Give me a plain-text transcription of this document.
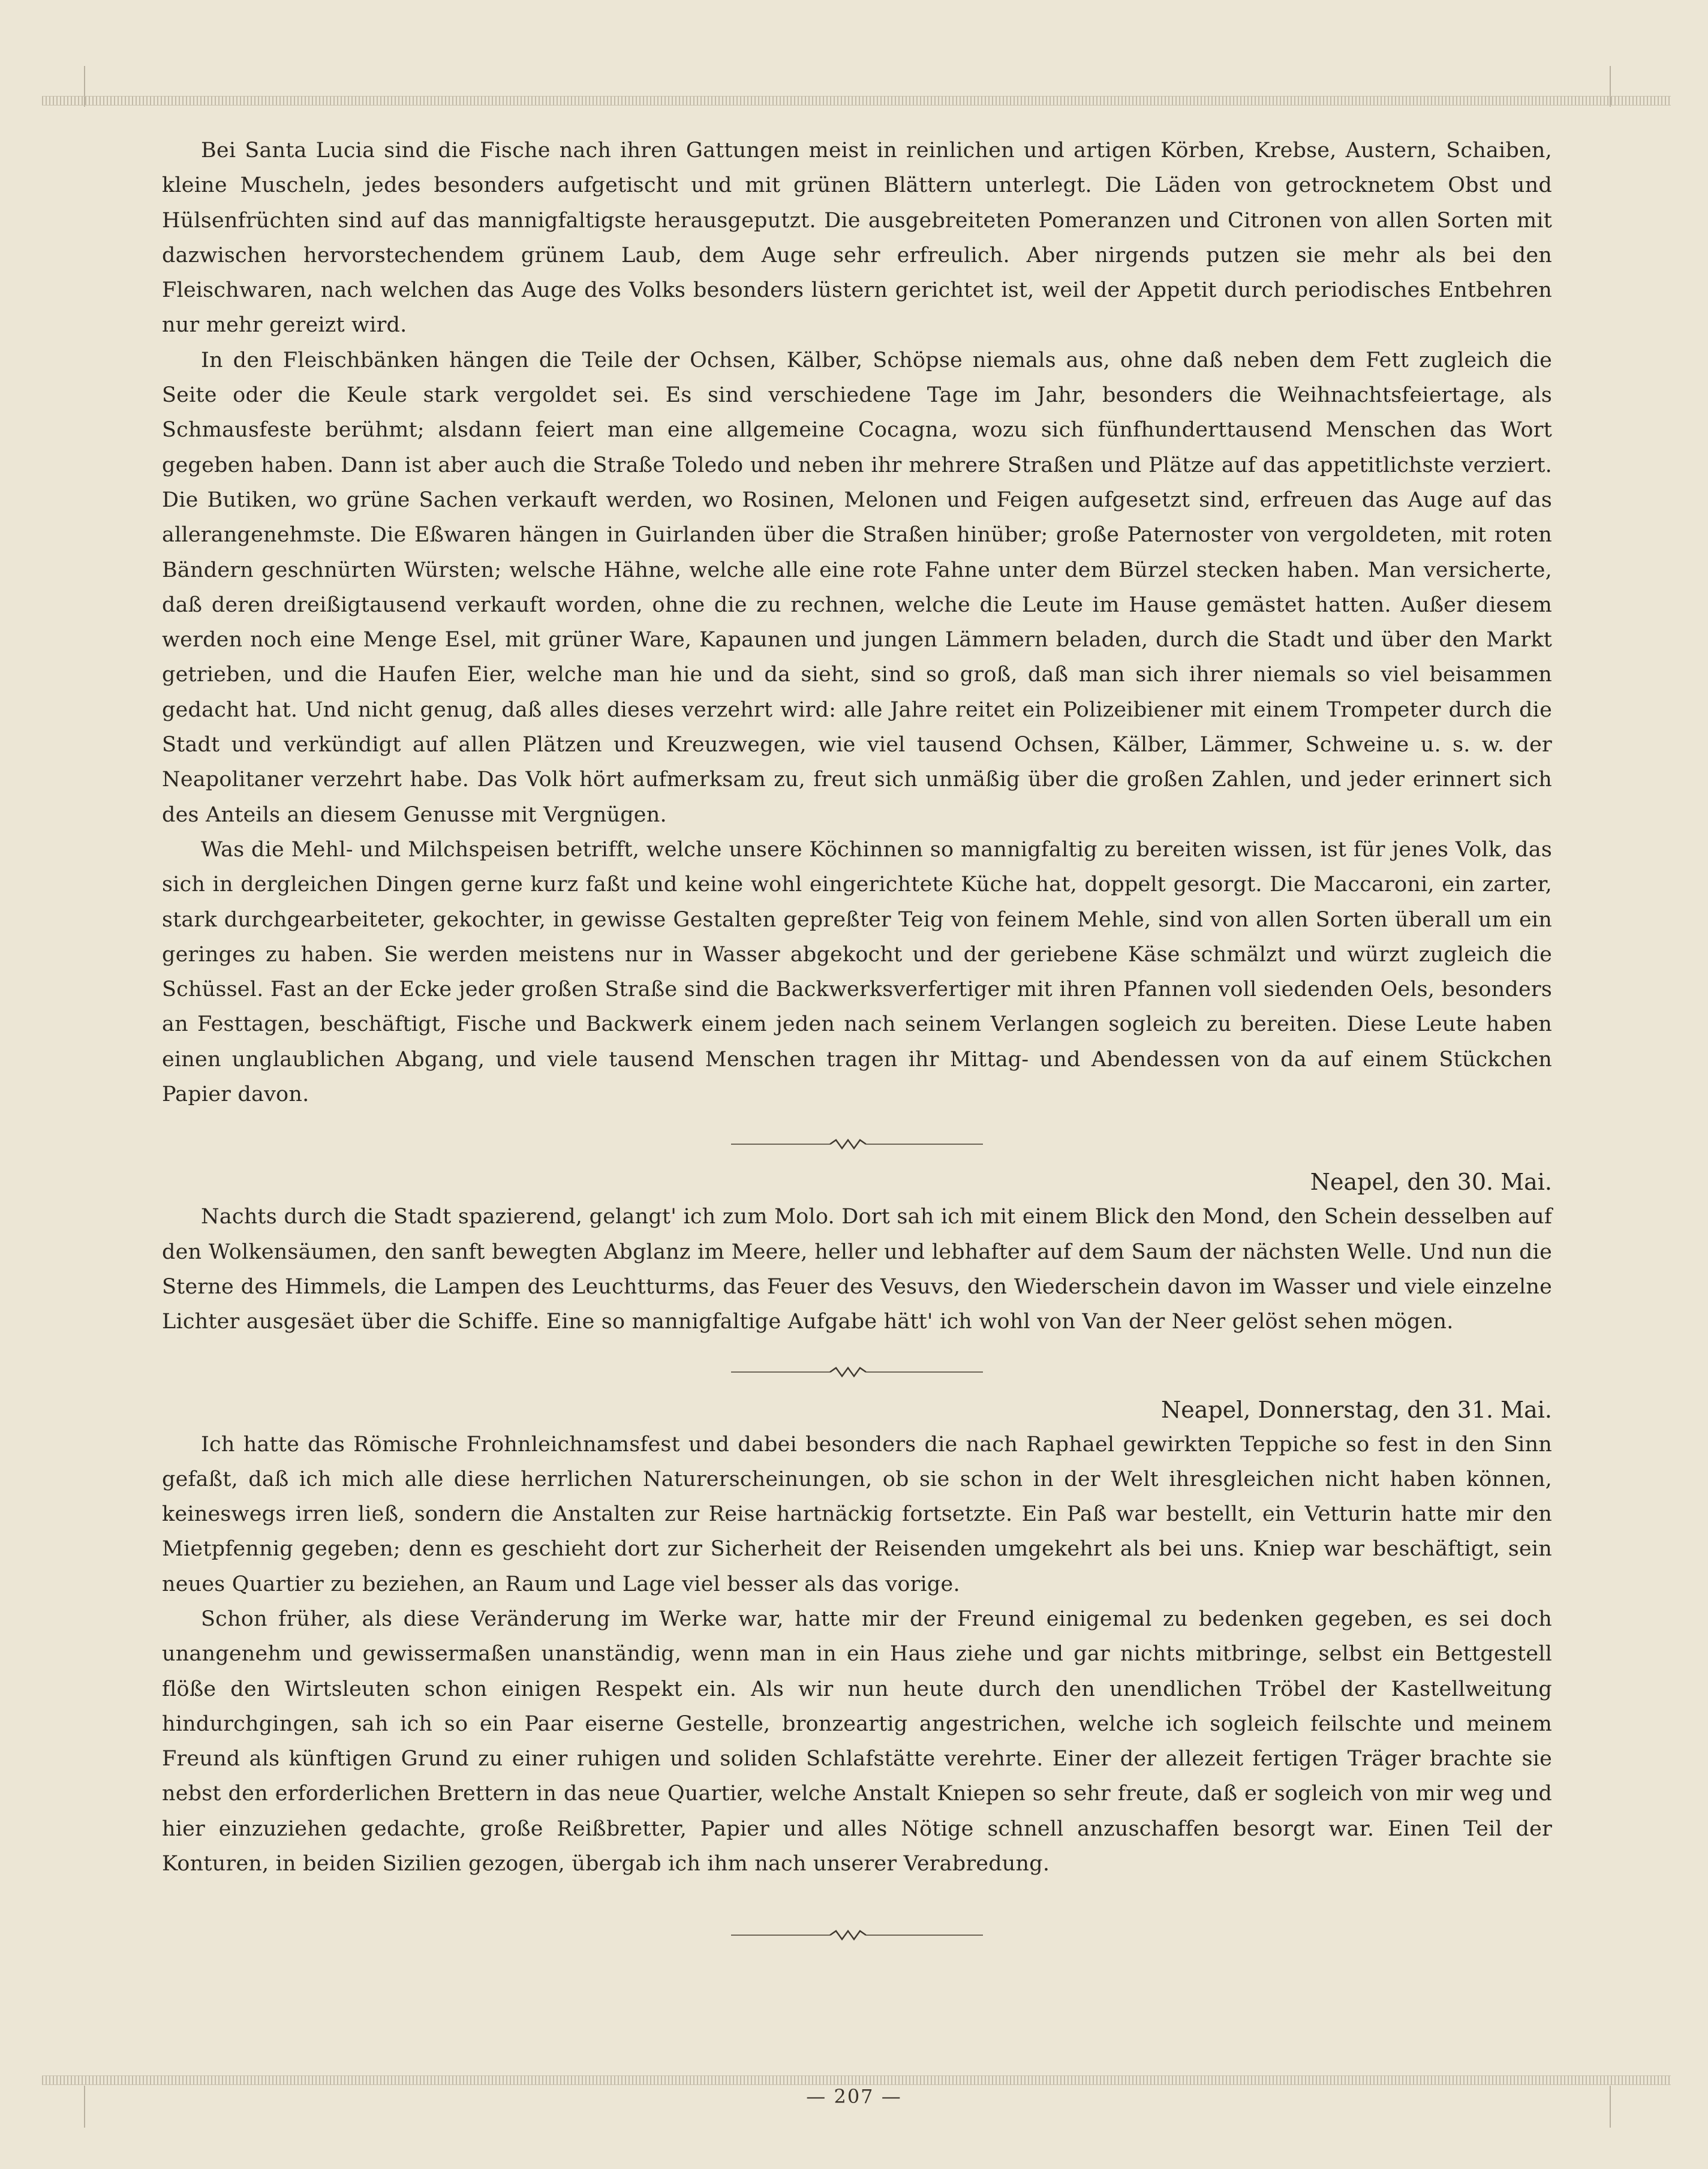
Bei Santa Lucia sind die Fische nach ihren Gattungen meist in reinlichen und artigen Körben, Krebse, Austern, Schaiben, kleine Muscheln, jedes besonders aufgetischt und mit grünen Blättern unterlegt. Die Läden von getrocknetem Obst und Hülsenfrüchten sind auf das mannigfaltigste herausgeputzt. Die ausgebreiteten Pomeranzen und Citronen von allen Sorten mit dazwischen hervorstechendem grünem Laub, dem Auge sehr erfreulich. Aber nirgends putzen sie mehr als bei den Fleischwaren, nach welchen das Auge des Volks besonders lüstern gerichtet ist, weil der Appetit durch periodisches Entbehren nur mehr gereizt wird.

In den Fleischbänken hängen die Teile der Ochsen, Kälber, Schöpse niemals aus, ohne daß neben dem Fett zugleich die Seite oder die Keule stark vergoldet sei. Es sind verschiedene Tage im Jahr, besonders die Weihnachtsfeiertage, als Schmausfeste berühmt; alsdann feiert man eine allgemeine Cocagna, wozu sich fünfhunderttausend Menschen das Wort gegeben haben. Dann ist aber auch die Straße Toledo und neben ihr mehrere Straßen und Plätze auf das appetitlichste verziert. Die Butiken, wo grüne Sachen verkauft werden, wo Rosinen, Melonen und Feigen aufgesetzt sind, erfreuen das Auge auf das allerangenehmste. Die Eßwaren hängen in Guirlanden über die Straßen hinüber; große Paternoster von vergoldeten, mit roten Bändern geschnürten Würsten; welsche Hähne, welche alle eine rote Fahne unter dem Bürzel stecken haben. Man versicherte, daß deren dreißigtausend verkauft worden, ohne die zu rechnen, welche die Leute im Hause gemästet hatten. Außer diesem werden noch eine Menge Esel, mit grüner Ware, Kapaunen und jungen Lämmern beladen, durch die Stadt und über den Markt getrieben, und die Haufen Eier, welche man hie und da sieht, sind so groß, daß man sich ihrer niemals so viel beisammen gedacht hat. Und nicht genug, daß alles dieses verzehrt wird: alle Jahre reitet ein Polizeibiener mit einem Trompeter durch die Stadt und verkündigt auf allen Plätzen und Kreuzwegen, wie viel tausend Ochsen, Kälber, Lämmer, Schweine u. s. w. der Neapolitaner verzehrt habe. Das Volk hört aufmerksam zu, freut sich unmäßig über die großen Zahlen, und jeder erinnert sich des Anteils an diesem Genusse mit Vergnügen.

Was die Mehl- und Milchspeisen betrifft, welche unsere Köchinnen so mannigfaltig zu bereiten wissen, ist für jenes Volk, das sich in dergleichen Dingen gerne kurz faßt und keine wohl eingerichtete Küche hat, doppelt gesorgt. Die Maccaroni, ein zarter, stark durchgearbeiteter, gekochter, in gewisse Gestalten gepreßter Teig von feinem Mehle, sind von allen Sorten überall um ein geringes zu haben. Sie werden meistens nur in Wasser abgekocht und der geriebene Käse schmälzt und würzt zugleich die Schüssel. Fast an der Ecke jeder großen Straße sind die Backwerksverfertiger mit ihren Pfannen voll siedenden Oels, besonders an Festtagen, beschäftigt, Fische und Backwerk einem jeden nach seinem Verlangen sogleich zu bereiten. Diese Leute haben einen unglaublichen Abgang, und viele tausend Menschen tragen ihr Mittag- und Abendessen von da auf einem Stückchen Papier davon.

Neapel, den 30. Mai.

Nachts durch die Stadt spazierend, gelangt' ich zum Molo. Dort sah ich mit einem Blick den Mond, den Schein desselben auf den Wolkensäumen, den sanft bewegten Abglanz im Meere, heller und lebhafter auf dem Saum der nächsten Welle. Und nun die Sterne des Himmels, die Lampen des Leuchtturms, das Feuer des Vesuvs, den Wiederschein davon im Wasser und viele einzelne Lichter ausgesäet über die Schiffe. Eine so mannigfaltige Aufgabe hätt' ich wohl von Van der Neer gelöst sehen mögen.

Neapel, Donnerstag, den 31. Mai.

Ich hatte das Römische Frohnleichnamsfest und dabei besonders die nach Raphael gewirkten Teppiche so fest in den Sinn gefaßt, daß ich mich alle diese herrlichen Naturerscheinungen, ob sie schon in der Welt ihresgleichen nicht haben können, keineswegs irren ließ, sondern die Anstalten zur Reise hartnäckig fortsetzte. Ein Paß war bestellt, ein Vetturin hatte mir den Mietpfennig gegeben; denn es geschieht dort zur Sicherheit der Reisenden umgekehrt als bei uns. Kniep war beschäftigt, sein neues Quartier zu beziehen, an Raum und Lage viel besser als das vorige.

Schon früher, als diese Veränderung im Werke war, hatte mir der Freund einigemal zu bedenken gegeben, es sei doch unangenehm und gewissermaßen unanständig, wenn man in ein Haus ziehe und gar nichts mitbringe, selbst ein Bettgestell flöße den Wirtsleuten schon einigen Respekt ein. Als wir nun heute durch den unendlichen Tröbel der Kastellweitung hindurchgingen, sah ich so ein Paar eiserne Gestelle, bronzeartig angestrichen, welche ich sogleich feilschte und meinem Freund als künftigen Grund zu einer ruhigen und soliden Schlafstätte verehrte. Einer der allezeit fertigen Träger brachte sie nebst den erforderlichen Brettern in das neue Quartier, welche Anstalt Kniepen so sehr freute, daß er sogleich von mir weg und hier einzuziehen gedachte, große Reißbretter, Papier und alles Nötige schnell anzuschaffen besorgt war. Einen Teil der Konturen, in beiden Sizilien gezogen, übergab ich ihm nach unserer Verabredung.

— 207 —
